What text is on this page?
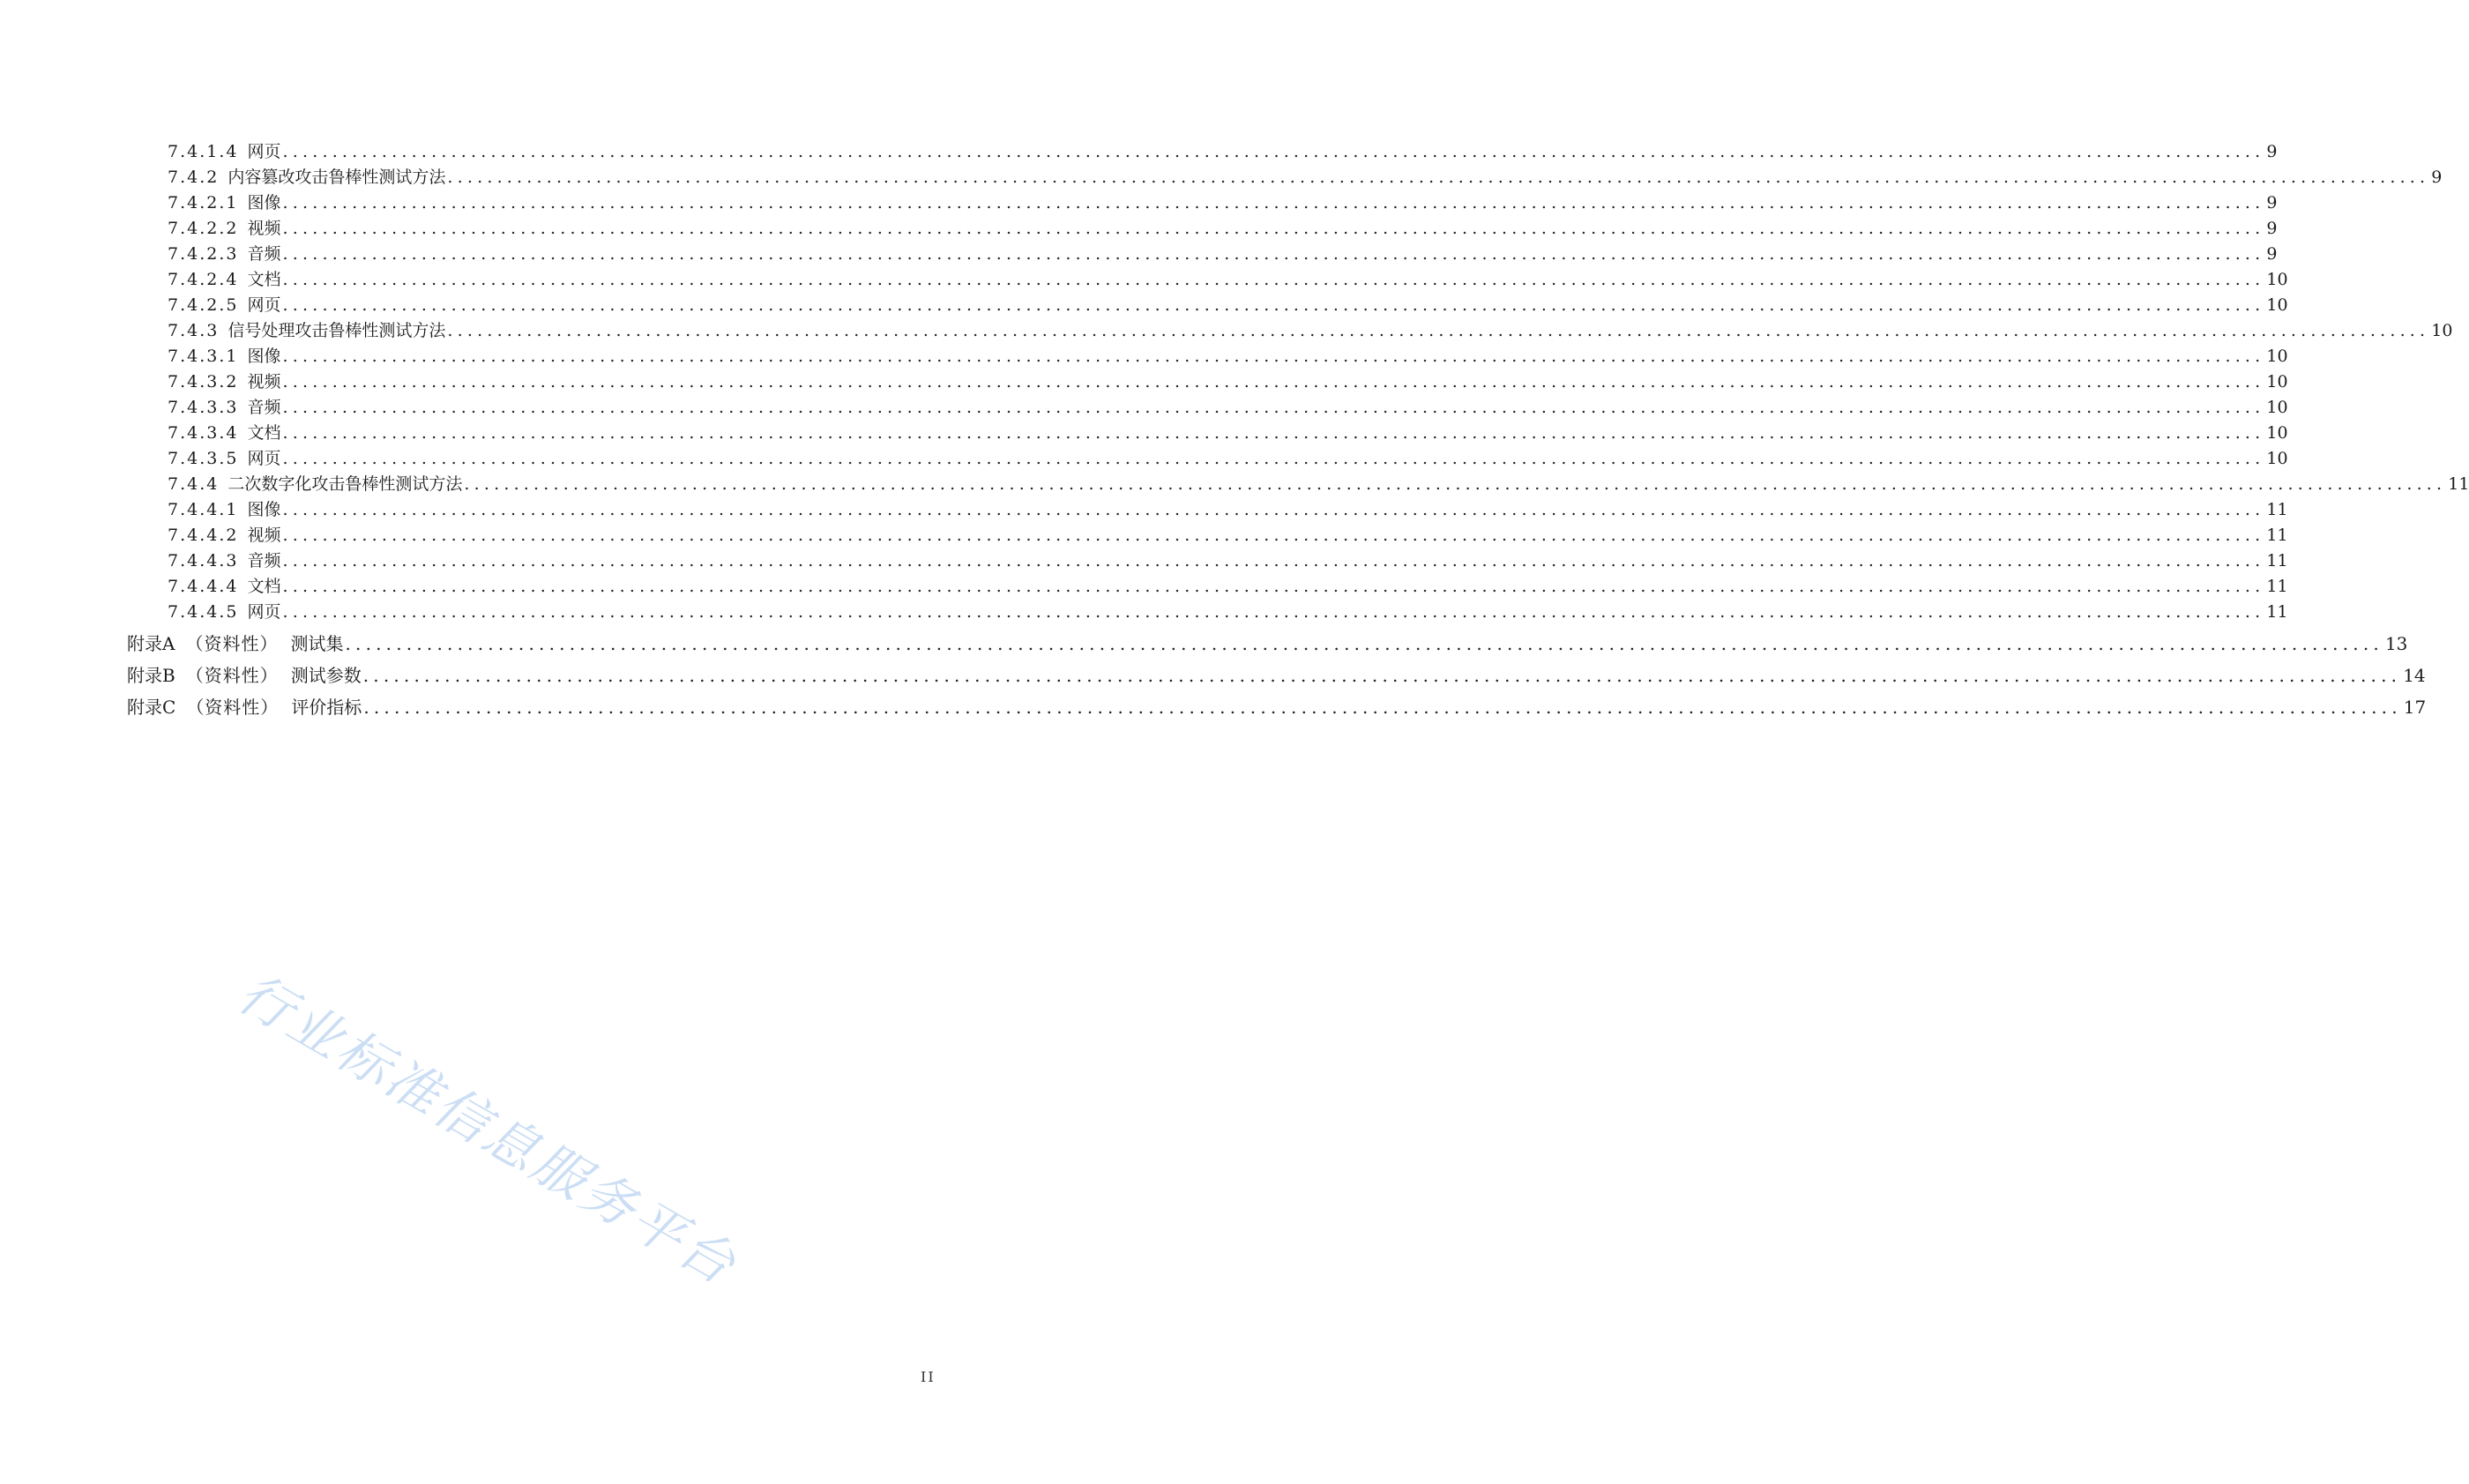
7.4.1.4 网页 ........................................................................................................................................................................................................ 9
7.4.2 内容篡改攻击鲁棒性测试方法 ........................................................................................................................................................................................................ 9
7.4.2.1 图像 ........................................................................................................................................................................................................ 9
7.4.2.2 视频 ........................................................................................................................................................................................................ 9
7.4.2.3 音频 ........................................................................................................................................................................................................ 9
7.4.2.4 文档 ........................................................................................................................................................................................................ 10
7.4.2.5 网页 ........................................................................................................................................................................................................ 10
7.4.3 信号处理攻击鲁棒性测试方法 ........................................................................................................................................................................................................ 10
7.4.3.1 图像 ........................................................................................................................................................................................................ 10
7.4.3.2 视频 ........................................................................................................................................................................................................ 10
7.4.3.3 音频 ........................................................................................................................................................................................................ 10
7.4.3.4 文档 ........................................................................................................................................................................................................ 10
7.4.3.5 网页 ........................................................................................................................................................................................................ 10
7.4.4 二次数字化攻击鲁棒性测试方法 ........................................................................................................................................................................................................ 11
7.4.4.1 图像 ........................................................................................................................................................................................................ 11
7.4.4.2 视频 ........................................................................................................................................................................................................ 11
7.4.4.3 音频 ........................................................................................................................................................................................................ 11
7.4.4.4 文档 ........................................................................................................................................................................................................ 11
7.4.4.5 网页 ........................................................................................................................................................................................................ 11
附 录 A （资料性） 测试集 ........................................................................................................................................................................................................ 13
附 录 B （资料性） 测试参数 ........................................................................................................................................................................................................ 14
附 录 C （资料性） 评价指标 ........................................................................................................................................................................................................ 17
II
行业标准信息服务平台
